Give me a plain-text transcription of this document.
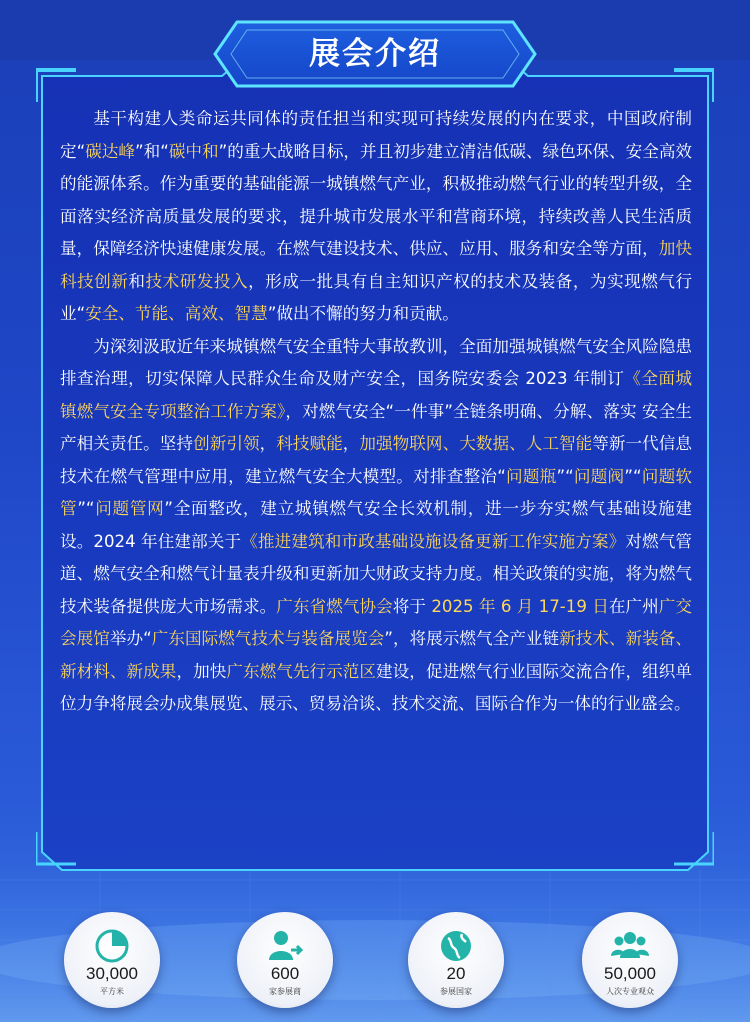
展会介绍

基干构建人类命运共同体的责任担当和实现可持续发展的内在要求，中国政府制定“碳达峰”和“碳中和”的重大战略目标，并且初步建立清洁低碳、绿色环保、安全高效的能源体系。作为重要的基础能源一城镇燃气产业，积极推动燃气行业的转型升级，全面落实经济高质量发展的要求，提升城市发展水平和营商环境，持续改善人民生活质量，保障经济快速健康发展。在燃气建设技术、供应、应用、服务和安全等方面，加快科技创新和技术研发投入，形成一批具有自主知识产权的技术及装备，为实现燃气行业“安全、节能、高效、智慧”做出不懈的努力和贡献。

为深刻汲取近年来城镇燃气安全重特大事故教训，全面加强城镇燃气安全风险隐患排查治理，切实保障人民群众生命及财产安全，国务院安委会 2023 年制订《全面城镇燃气安全专项整治工作方案》，对燃气安全“一件事”全链条明确、分解、落实 安全生产相关责任。坚持创新引领，科技赋能，加强物联网、大数据、人工智能等新一代信息技术在燃气管理中应用，建立燃气安全大模型。对排查整治“问题瓶”“问题阀”“问题软管”“问题管网”全面整改，建立城镇燃气安全长效机制，进一步夯实燃气基础设施建设。2024 年住建部关于《推进建筑和市政基础设施设备更新工作实施方案》对燃气管道、燃气安全和燃气计量表升级和更新加大财政支持力度。相关政策的实施，将为燃气技术装备提供庞大市场需求。广东省燃气协会将于 2025 年 6 月 17-19 日在广州广交会展馆举办“广东国际燃气技术与装备展览会”，将展示燃气全产业链新技术、新装备、新材料、新成果，加快广东燃气先行示范区建设，促进燃气行业国际交流合作，组织单位力争将展会办成集展览、展示、贸易洽谈、技术交流、国际合作为一体的行业盛会。

30,000
平方米
600
家参展商
20
参展国家
50,000
人次专业观众
